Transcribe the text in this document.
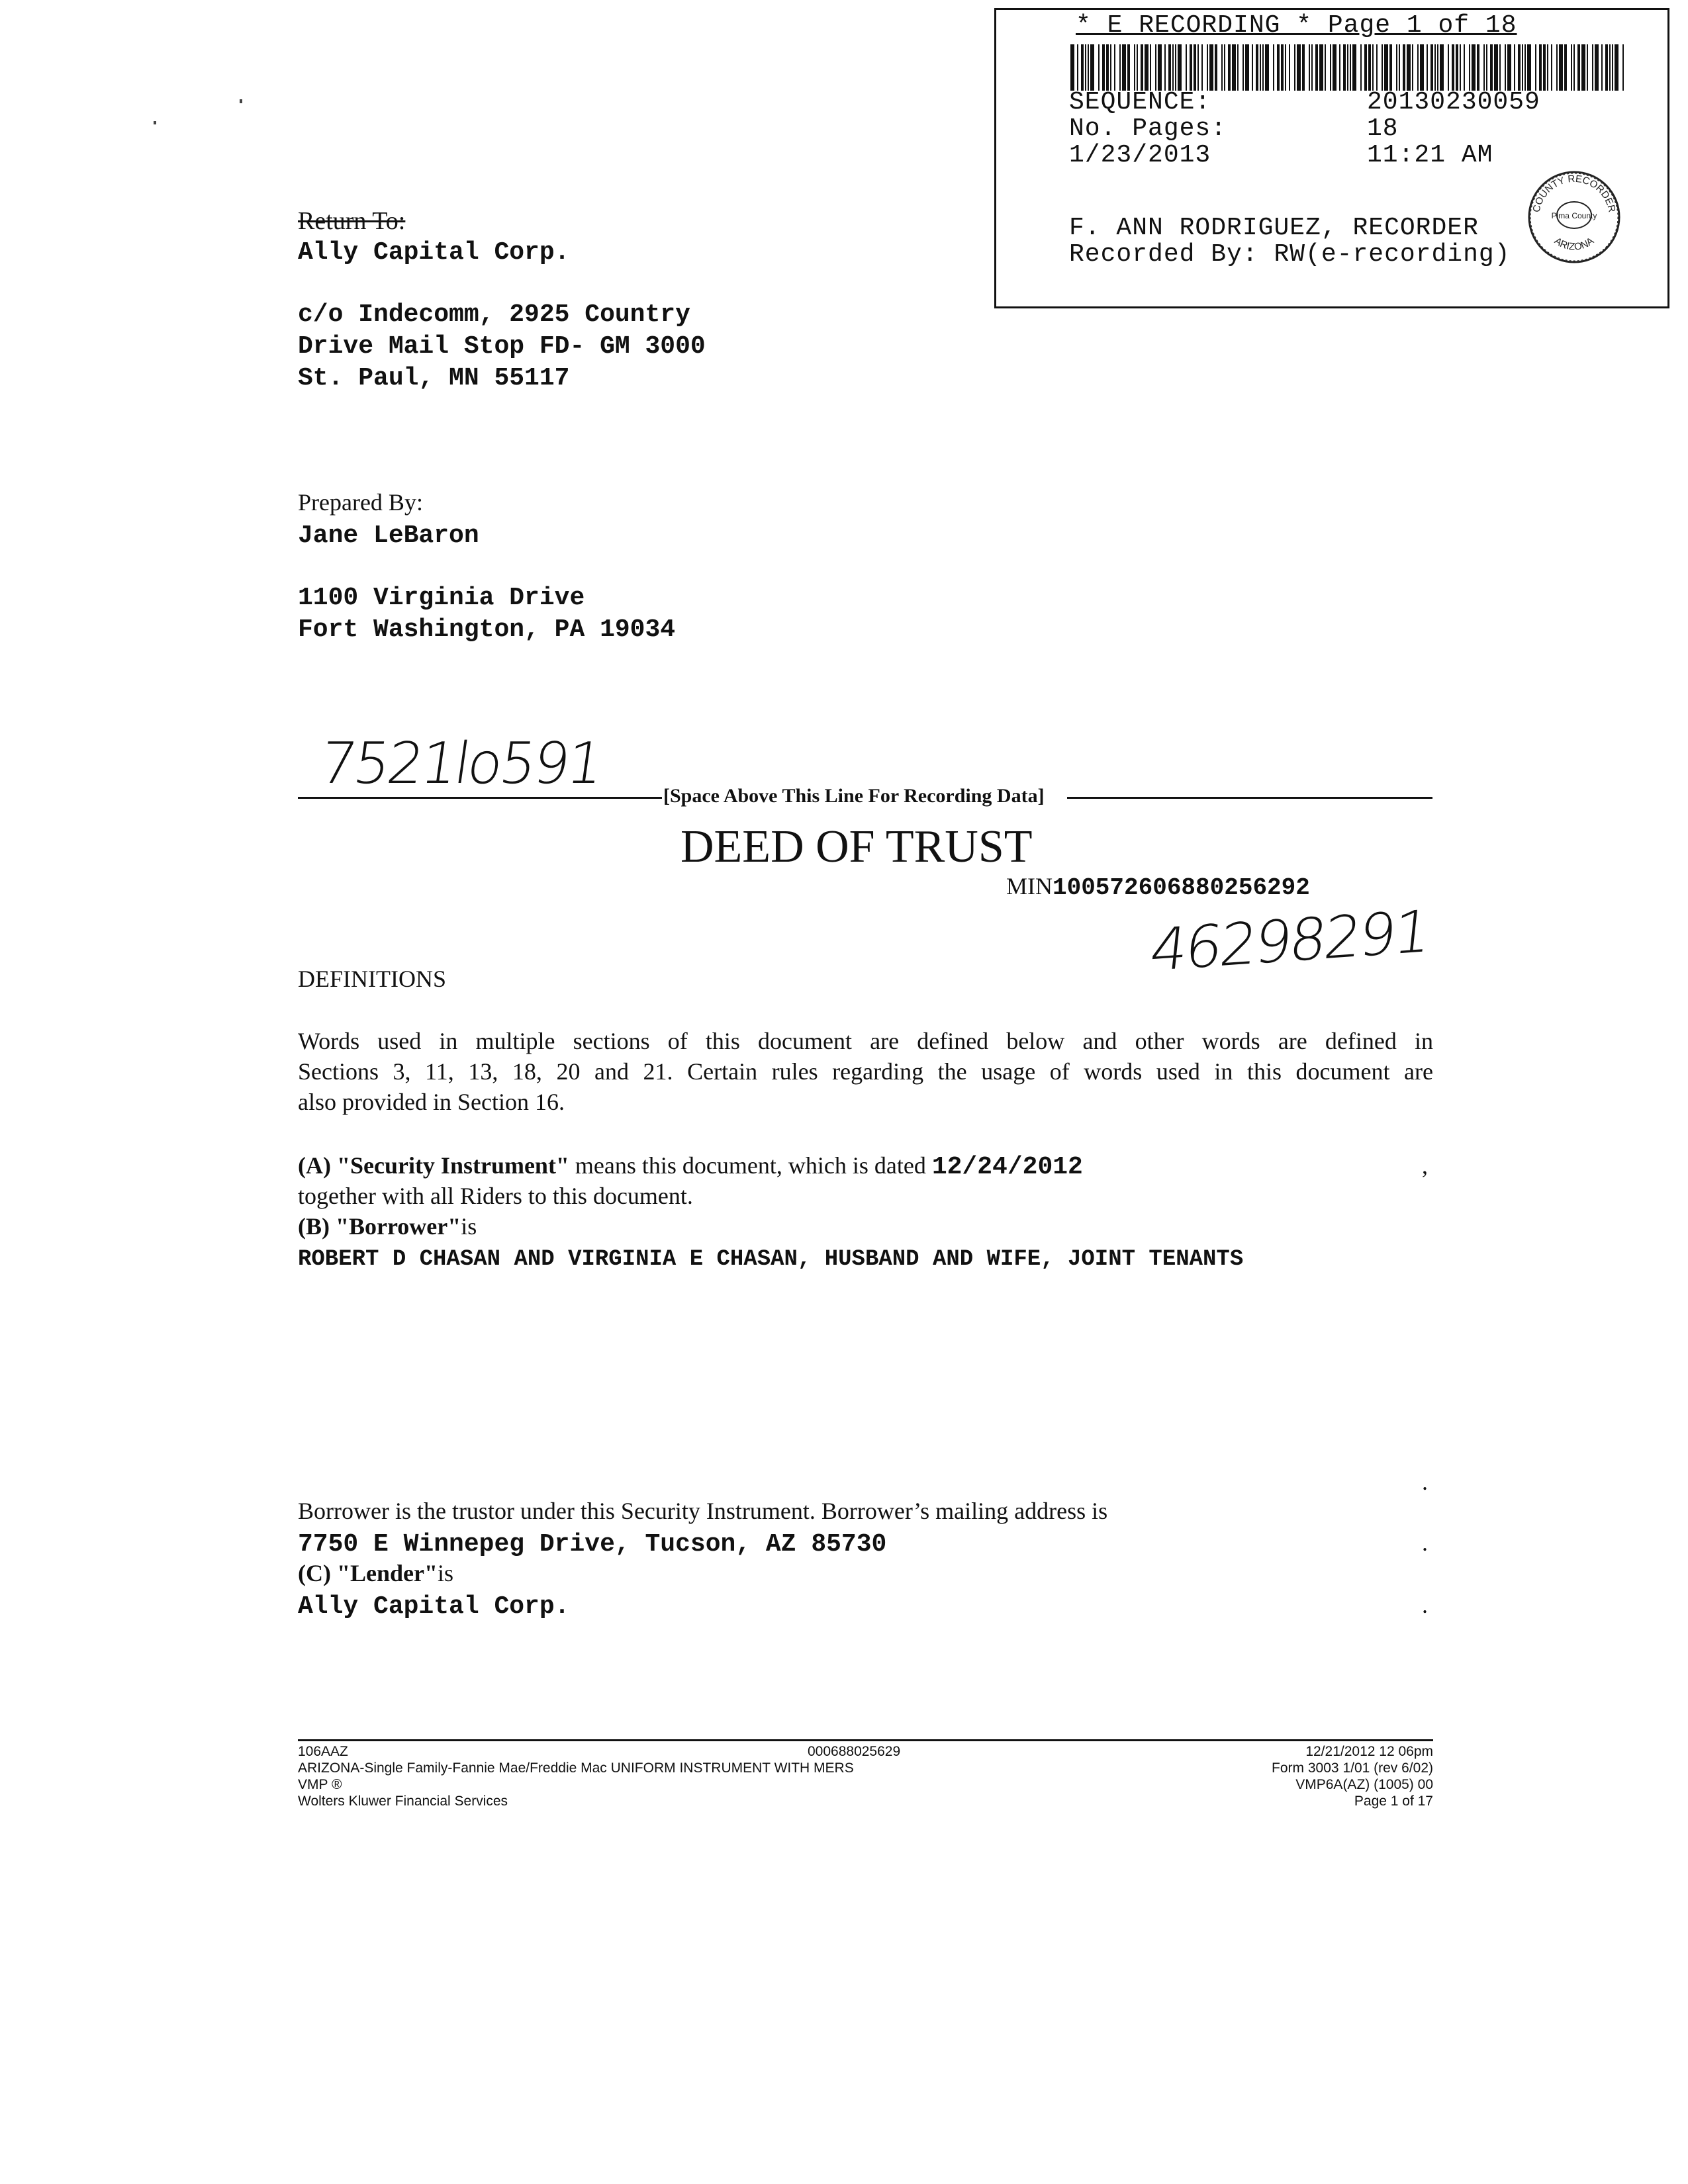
* E RECORDING * Page 1 of 18
SEQUENCE:	20130230059
No. Pages:	18
1/23/2013	11:21 AM
F. ANN RODRIGUEZ, RECORDER
Recorded By: RW(e-recording)
COUNTY RECORDER
Pima County
ARIZONA
Return To:
Ally Capital Corp.
c/o Indecomm, 2925 Country
Drive Mail Stop FD- GM 3000
St. Paul, MN 55117
Prepared By:
Jane LeBaron
1100 Virginia Drive
Fort Washington, PA 19034
7521lo591
46298291
[Space Above This Line For Recording Data]
DEED OF TRUST
MIN100572606880256292
DEFINITIONS
Words used in multiple sections of this document are defined below and other words are defined in
Sections 3, 11, 13, 18, 20 and 21. Certain rules regarding the usage of words used in this document are
also provided in Section 16.
(A) "Security Instrument" means this document, which is dated 12/24/2012	,
together with all Riders to this document.
(B) "Borrower"is
ROBERT D CHASAN AND VIRGINIA E CHASAN, HUSBAND AND WIFE, JOINT TENANTS
.
Borrower is the trustor under this Security Instrument. Borrower’s mailing address is
7750 E Winnepeg Drive, Tucson, AZ 85730	.
(C) "Lender"is
Ally Capital Corp.	.
106AAZ
ARIZONA-Single Family-Fannie Mae/Freddie Mac UNIFORM INSTRUMENT WITH MERS
VMP ®
Wolters Kluwer Financial Services
000688025629	12/21/2012 12 06pm
Form 3003 1/01 (rev 6/02)
VMP6A(AZ) (1005) 00
Page 1 of 17
